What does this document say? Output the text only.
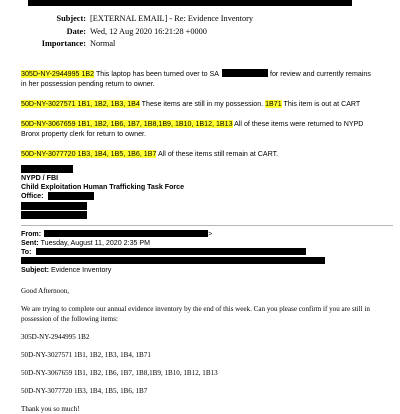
Subject: [EXTERNAL EMAIL] - Re: Evidence Inventory
Date: Wed, 12 Aug 2020 16:21:28 +0000
Importance: Normal
305D-NY-2944995 1B2 This laptop has been turned over to SA	for review and currently remains
in her possession pending return to owner.
50D-NY-3027571 1B1, 1B2, 1B3, 1B4 These items are still in my possession. 1B71 This item is out at CART
50D-NY-3067659 1B1, 1B2, 1B6, 1B7, 1B8,1B9, 1B10, 1B12, 1B13 All of these items were returned to NYPD
Bronx property clerk for return to owner.
50D-NY-3077720 1B3, 1B4, 1B5, 1B6, 1B7 All of these items still remain at CART.
NYPD / FBI
Child Exploitation Human Trafficking Task Force
Office:
From:	>
Sent: Tuesday, August 11, 2020 2:35 PM
To:
Subject: Evidence Inventory
Good Afternoon,
We are trying to complete our annual evidence inventory by the end of this week. Can you please confirm if you are still in
possession of the following items:
305D-NY-2944995 1B2
50D-NY-3027571 1B1, 1B2, 1B3, 1B4, 1B71
50D-NY-3067659 1B1, 1B2, 1B6, 1B7, 1B8,1B9, 1B10, 1B12, 1B13
50D-NY-3077720 1B3, 1B4, 1B5, 1B6, 1B7
Thank you so much!
